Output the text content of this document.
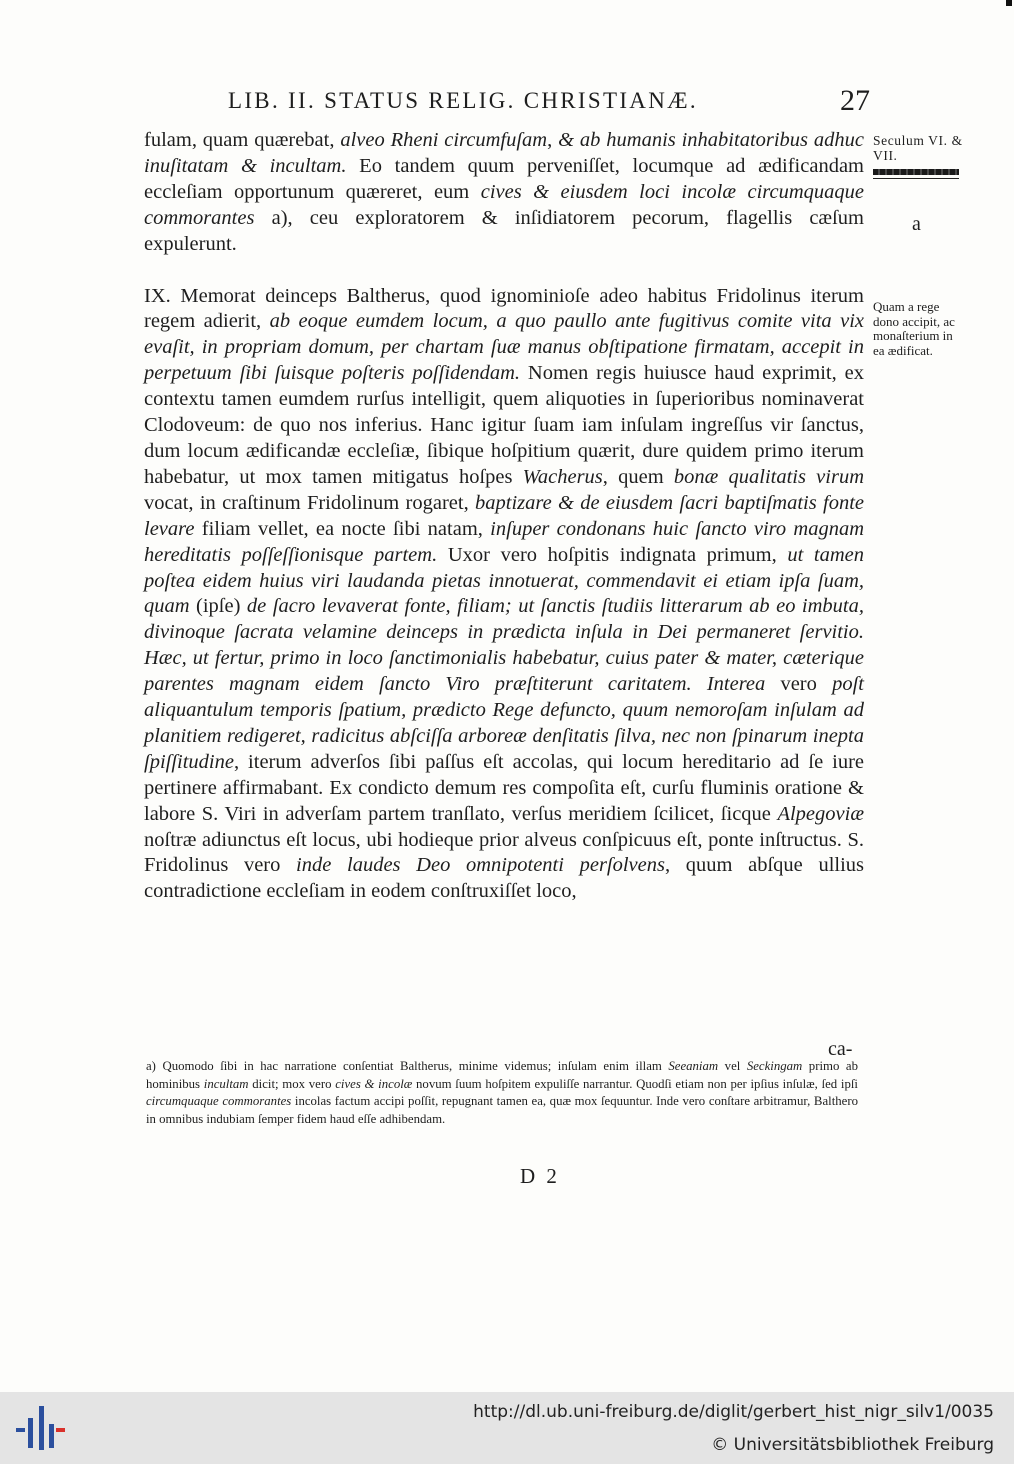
LIB. II. STATUS RELIG. CHRISTIANÆ.	27

fulam, quam quærebat, alveo Rheni circumfuſam, & ab humanis inhabitatoribus adhuc inuſitatam & incultam. Eo tandem quum perveniſſet, locumque ad ædificandam eccleſiam opportunum quæreret, eum cives & eiusdem loci incolæ circumquaque commorantes a), ceu exploratorem & inſidiatorem pecorum, flagellis cæſum expulerunt.

IX. Memorat deinceps Baltherus, quod ignominioſe adeo habitus Fridolinus iterum regem adierit, ab eoque eumdem locum, a quo paullo ante fugitivus comite vita vix evaſit, in propriam domum, per chartam ſuæ manus obſtipatione firmatam, accepit in perpetuum ſibi ſuisque poſteris poſſidendam. Nomen regis huiusce haud exprimit, ex contextu tamen eumdem rurſus intelligit, quem aliquoties in ſuperioribus nominaverat Clodoveum: de quo nos inferius. Hanc igitur ſuam iam inſulam ingreſſus vir ſanctus, dum locum ædificandæ eccleſiæ, ſibique hoſpitium quærit, dure quidem primo iterum habebatur, ut mox tamen mitigatus hoſpes Wacherus, quem bonæ qualitatis virum vocat, in craſtinum Fridolinum rogaret, baptizare & de eiusdem ſacri baptiſmatis fonte levare filiam vellet, ea nocte ſibi natam, inſuper condonans huic ſancto viro magnam hereditatis poſſeſſionisque partem. Uxor vero hoſpitis indignata primum, ut tamen poſtea eidem huius viri laudanda pietas innotuerat, commendavit ei etiam ipſa ſuam, quam (ipſe) de ſacro levaverat fonte, filiam; ut ſanctis ſtudiis litterarum ab eo imbuta, divinoque ſacrata velamine deinceps in prædicta inſula in Dei permaneret ſervitio. Hæc, ut fertur, primo in loco ſanctimonialis habebatur, cuius pater & mater, cæterique parentes magnam eidem ſancto Viro præſtiterunt caritatem. Interea vero poſt aliquantulum temporis ſpatium, prædicto Rege defuncto, quum nemoroſam inſulam ad planitiem redigeret, radicitus abſciſſa arboreæ denſitatis ſilva, nec non ſpinarum inepta ſpiſſitudine, iterum adverſos ſibi paſſus eſt accolas, qui locum hereditario ad ſe iure pertinere affirmabant. Ex condicto demum res compoſita eſt, curſu fluminis oratione & labore S. Viri in adverſam partem tranſlato, verſus meridiem ſcilicet, ſicque Alpegoviæ noſtræ adiunctus eſt locus, ubi hodieque prior alveus conſpicuus eſt, ponte inſtructus. S. Fridolinus vero inde laudes Deo omnipotenti perſolvens, quum abſque ullius contradictione eccleſiam in eodem conſtruxiſſet loco,

ca-
Seculum VI. & VII.
a
Quam a rege dono accipit, ac monaſterium in ea ædificat.
a) Quomodo ſibi in hac narratione conſentiat Baltherus, minime videmus; inſulam enim illam Seeaniam vel Seckingam primo ab hominibus incultam dicit; mox vero cives & incolæ novum ſuum hoſpitem expuliſſe narrantur. Quodſi etiam non per ipſius inſulæ, ſed ipſi circumquaque commorantes incolas factum accipi poſſit, repugnant tamen ea, quæ mox ſequuntur. Inde vero conſtare arbitramur, Balthero in omnibus indubiam ſemper fidem haud eſſe adhibendam.
D 2
http://dl.ub.uni-freiburg.de/diglit/gerbert_hist_nigr_silv1/0035
© Universitätsbibliothek Freiburg
